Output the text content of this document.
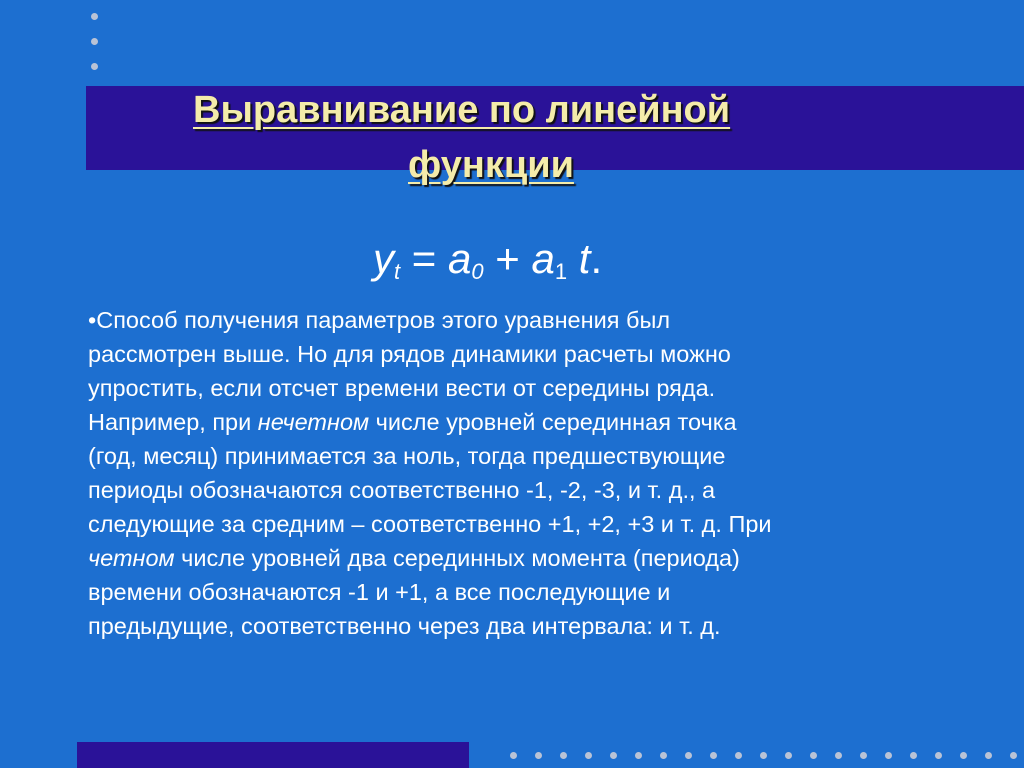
Выравнивание по линейной
функции
$y_t = a_0 + a_1$ t.

•Способ получения параметров этого уравнения был
рассмотрен выше. Но для рядов динамики расчеты можно
упростить, если отсчет времени вести от середины ряда.
Например, при нечетном числе уровней серединная точка
(год, месяц) принимается за ноль, тогда предшествующие
периоды обозначаются соответственно -1, -2, -3, и т. д., а
следующие за средним – соответственно +1, +2, +3 и т. д. При
четном числе уровней два серединных момента (периода)
времени обозначаются -1 и +1, а все последующие и
предыдущие, соответственно через два интервала: и т. д.
